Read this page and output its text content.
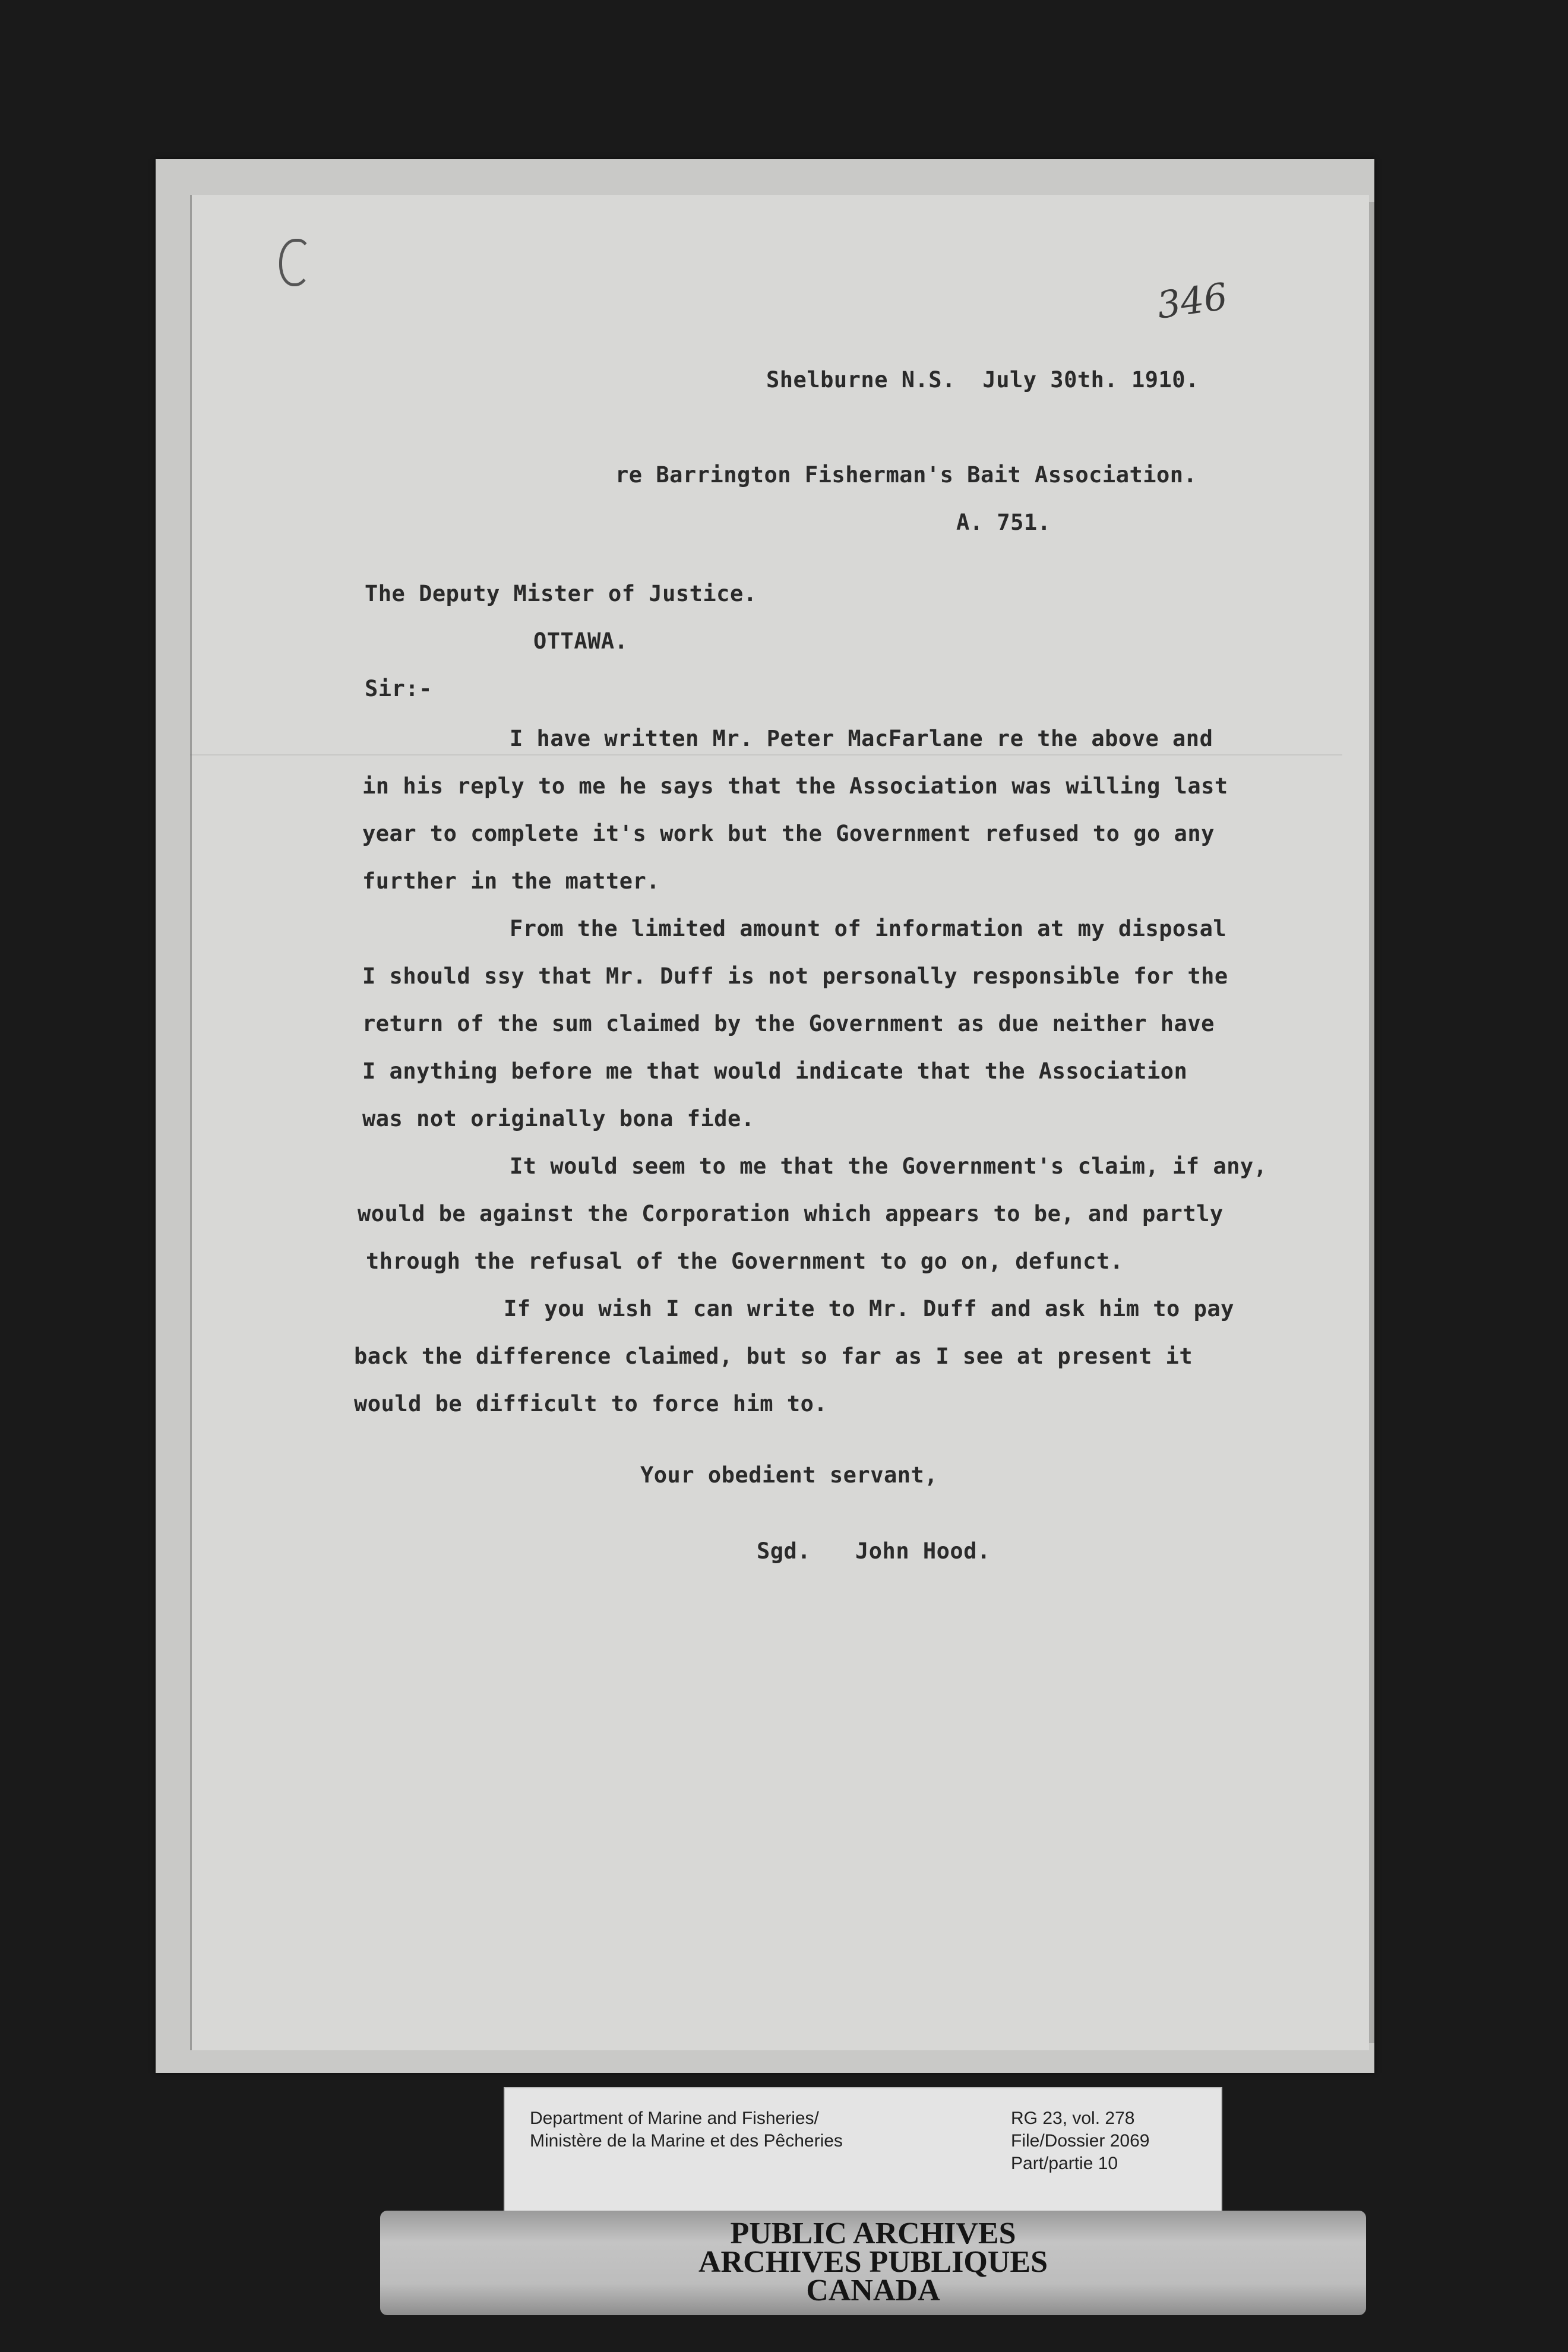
346
Shelburne N.S.  July 30th. 1910.
re Barrington Fisherman's Bait Association.
A. 751.
The Deputy Mister of Justice.
OTTAWA.
Sir:-
I have written Mr. Peter MacFarlane re the above and
in his reply to me he says that the Association was willing last
year to complete it's work but the Government refused to go any
further in the matter.
From the limited amount of information at my disposal
I should ssy that Mr. Duff is not personally responsible for the
return of the sum claimed by the Government as due neither have
I anything before me that would indicate that the Association
was not originally bona fide.
It would seem to me that the Government's claim, if any,
would be against the Corporation which appears to be, and partly
through the refusal of the Government to go on, defunct.
If you wish I can write to Mr. Duff and ask him to pay
back the difference claimed, but so far as I see at present it
would be difficult to force him to.
Your obedient servant,
Sgd. John Hood.
Department of Marine and Fisheries/
Ministère de la Marine et des Pêcheries
RG 23, vol. 278
File/Dossier 2069
Part/partie 10
PUBLIC ARCHIVES
ARCHIVES PUBLIQUES
CANADA
